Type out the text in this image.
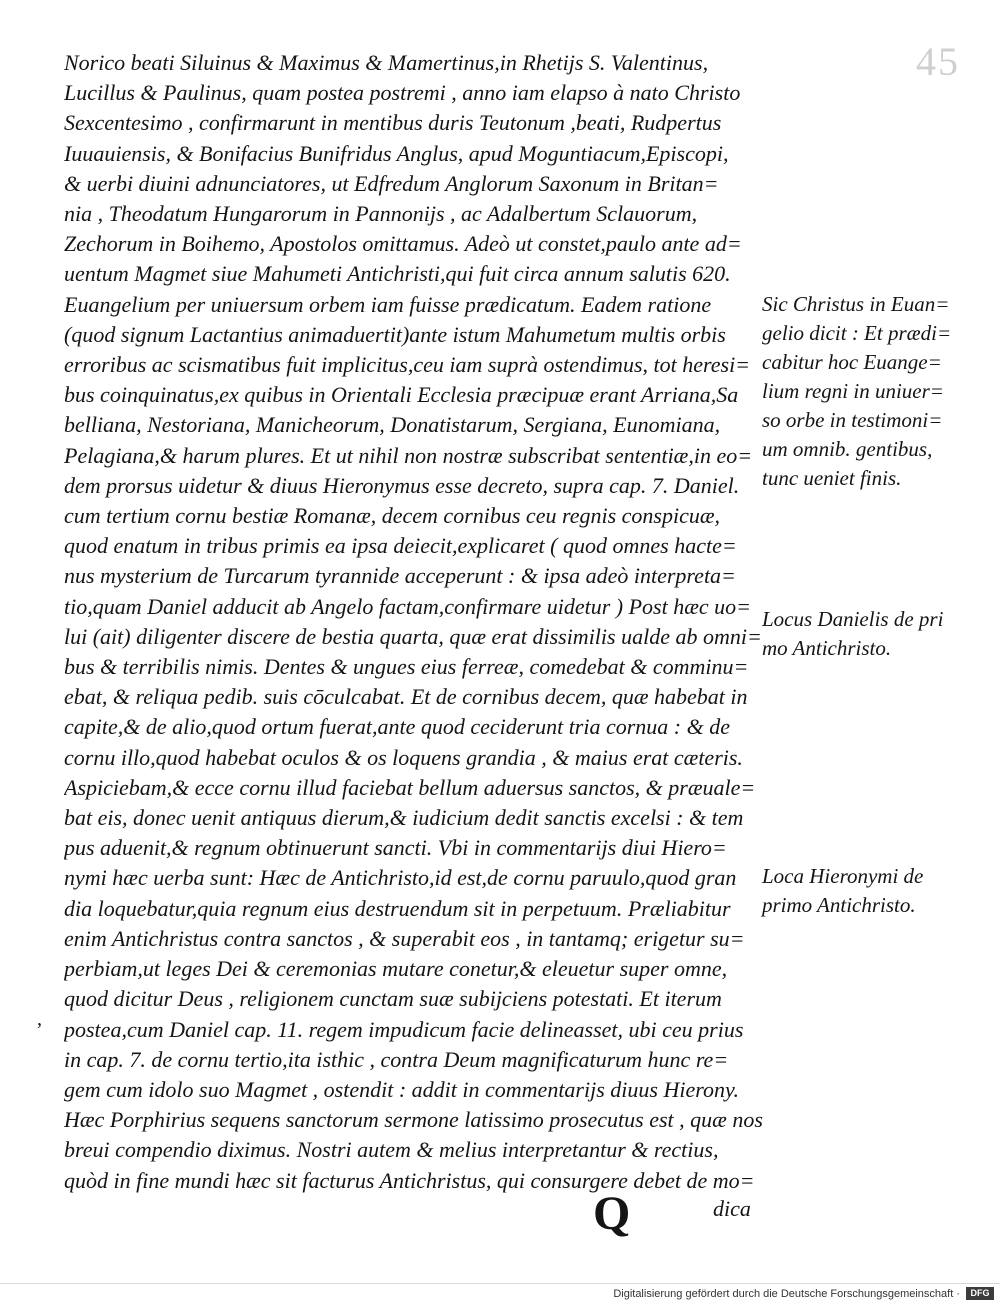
45
Norico beati Siluinus & Maximus & Mamertinus,in Rhetijs S. Valentinus,
Lucillus & Paulinus, quam postea postremi , anno iam elapso à nato Christo
Sexcentesimo , confirmarunt in mentibus duris Teutonum ,beati, Rudpertus
Iuuauiensis, & Bonifacius Bunifridus Anglus, apud Moguntiacum,Episcopi,
& uerbi diuini adnunciatores, ut Edfredum Anglorum Saxonum in Britan=
nia , Theodatum Hungarorum in Pannonijs , ac Adalbertum Sclauorum,
Zechorum in Boihemo, Apostolos omittamus. Adeò ut constet,paulo ante ad=
uentum Magmet siue Mahumeti Antichristi,qui fuit circa annum salutis 620.
Euangelium per uniuersum orbem iam fuisse prædicatum. Eadem ratione
(quod signum Lactantius animaduertit)ante istum Mahumetum multis orbis
erroribus ac scismatibus fuit implicitus,ceu iam suprà ostendimus, tot heresi=
bus coinquinatus,ex quibus in Orientali Ecclesia præcipuæ erant Arriana,Sa
belliana, Nestoriana, Manicheorum, Donatistarum, Sergiana, Eunomiana,
Pelagiana,& harum plures. Et ut nihil non nostræ subscribat sententiæ,in eo=
dem prorsus uidetur & diuus Hieronymus esse decreto, supra cap. 7. Daniel.
cum tertium cornu bestiæ Romanæ, decem cornibus ceu regnis conspicuæ,
quod enatum in tribus primis ea ipsa deiecit,explicaret ( quod omnes hacte=
nus mysterium de Turcarum tyrannide acceperunt : & ipsa adeò interpreta=
tio,quam Daniel adducit ab Angelo factam,confirmare uidetur ) Post hæc uo=
lui (ait) diligenter discere de bestia quarta, quæ erat dissimilis ualde ab omni=
bus & terribilis nimis. Dentes & ungues eius ferreæ, comedebat & comminu=
ebat, & reliqua pedib. suis cōculcabat. Et de cornibus decem, quæ habebat in
capite,& de alio,quod ortum fuerat,ante quod ceciderunt tria cornua : & de
cornu illo,quod habebat oculos & os loquens grandia , & maius erat cæteris.
Aspiciebam,& ecce cornu illud faciebat bellum aduersus sanctos, & præuale=
bat eis, donec uenit antiquus dierum,& iudicium dedit sanctis excelsi : & tem
pus aduenit,& regnum obtinuerunt sancti. Vbi in commentarijs diui Hiero=
nymi hæc uerba sunt: Hæc de Antichristo,id est,de cornu paruulo,quod gran
dia loquebatur,quia regnum eius destruendum sit in perpetuum. Præliabitur
enim Antichristus contra sanctos , & superabit eos , in tantamq; erigetur su=
perbiam,ut leges Dei & ceremonias mutare conetur,& eleuetur super omne,
quod dicitur Deus , religionem cunctam suæ subijciens potestati. Et iterum
postea,cum Daniel cap. 11. regem impudicum facie delineasset, ubi ceu prius
in cap. 7. de cornu tertio,ita isthic , contra Deum magnificaturum hunc re=
gem cum idolo suo Magmet , ostendit : addit in commentarijs diuus Hierony.
Hæc Porphirius sequens sanctorum sermone latissimo prosecutus est , quæ nos
breui compendio diximus. Nostri autem & melius interpretantur & rectius,
quòd in fine mundi hæc sit facturus Antichristus, qui consurgere debet de mo=
Sic Christus in Euan=
gelio dicit : Et prædi=
cabitur hoc Euange=
lium regni in uniuer=
so orbe in testimoni=
um omnib. gentibus,
tunc ueniet finis.
Locus Danielis de pri
mo Antichristo.
Loca Hieronymi de
primo Antichristo.
,
Q	dica
Digitalisierung gefördert durch die Deutsche Forschungsgemeinschaft ·	DFG
